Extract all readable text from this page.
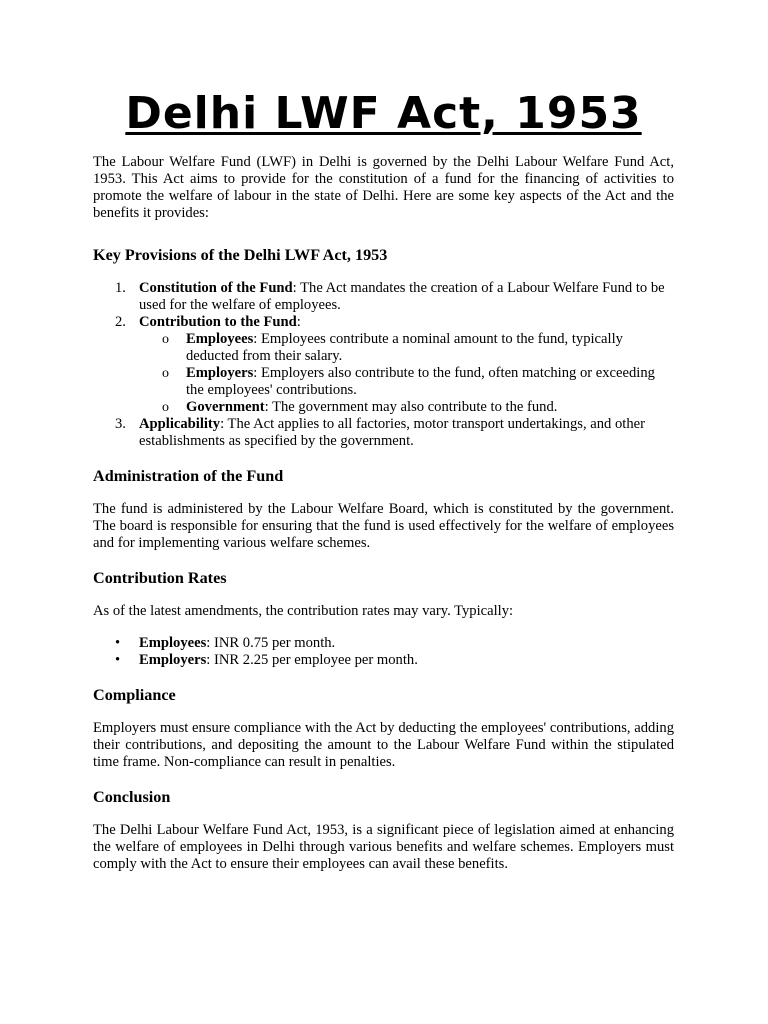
Delhi LWF Act, 1953

The Labour Welfare Fund (LWF) in Delhi is governed by the Delhi Labour Welfare Fund Act, 1953. This Act aims to provide for the constitution of a fund for the financing of activities to promote the welfare of labour in the state of Delhi. Here are some key aspects of the Act and the benefits it provides:

Key Provisions of the Delhi LWF Act, 1953
1. Constitution of the Fund: The Act mandates the creation of a Labour Welfare Fund to be used for the welfare of employees.
2. Contribution to the Fund:
o Employees: Employees contribute a nominal amount to the fund, typically deducted from their salary.
o Employers: Employers also contribute to the fund, often matching or exceeding the employees' contributions.
o Government: The government may also contribute to the fund.
3. Applicability: The Act applies to all factories, motor transport undertakings, and other establishments as specified by the government.
Administration of the Fund

The fund is administered by the Labour Welfare Board, which is constituted by the government. The board is responsible for ensuring that the fund is used effectively for the welfare of employees and for implementing various welfare schemes.

Contribution Rates

As of the latest amendments, the contribution rates may vary. Typically:

• Employees: INR 0.75 per month.
• Employers: INR 2.25 per employee per month.
Compliance

Employers must ensure compliance with the Act by deducting the employees' contributions, adding their contributions, and depositing the amount to the Labour Welfare Fund within the stipulated time frame. Non-compliance can result in penalties.

Conclusion

The Delhi Labour Welfare Fund Act, 1953, is a significant piece of legislation aimed at enhancing the welfare of employees in Delhi through various benefits and welfare schemes. Employers must comply with the Act to ensure their employees can avail these benefits.
